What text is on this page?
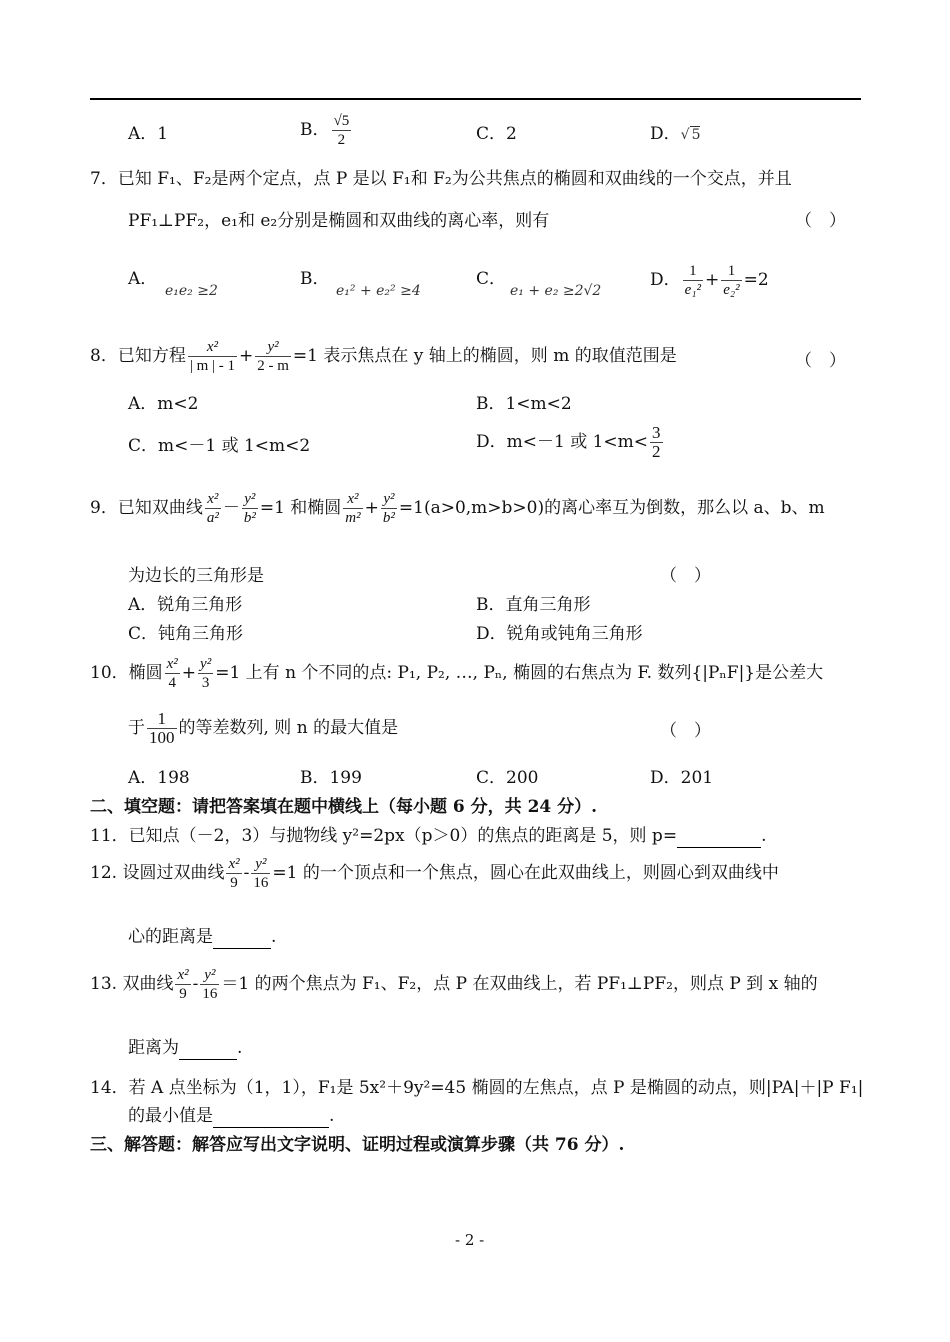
A．1	B． $\frac{√5}{2}$	C．2	D．√ 5
7．已知 F₁、F₂是两个定点，点 P 是以 F₁和 F₂为公共焦点的椭圆和双曲线的一个交点，并且
PF₁⊥PF₂，e₁和 e₂分别是椭圆和双曲线的离心率，则有	（　）
A．
e₁e₂ ≥2
B．
e₁² + e₂² ≥4
C．
e₁ + e₂ ≥2√2
D． $\frac{1}{\text{e₁²}} + \frac{1}{\text{e₂²}} =2$
8．已知方程 $\frac{\text{x²}}{| m | - 1} + \frac{\text{y²}}{2 - m} =1$ 表示焦点在 y 轴上的椭圆，则 m 的取值范围是	（　）
A．m<2	B．1<m<2
C．m<－1 或 1<m<2	D．m<－1 或 $1<m< \frac{3}{2}$
9．已知双曲线 $\frac{\text{x²}}{\text{a²}} - \frac{\text{y²}}{\text{b²}} =1$ 和椭圆 $\frac{\text{x²}}{\text{m²}} + \frac{\text{y²}}{\text{b²}} =1(a>0,m>b>0)$的离心率互为倒数，那么以 a、b、m
为边长的三角形是	（　）
A．锐角三角形	B．直角三角形
C．钝角三角形	D．锐角或钝角三角形
10．椭圆 $\frac{\text{x²}}{4} + \frac{\text{y²}}{3} =1$ 上有 n 个不同的点: P₁, P₂, …, Pₙ, 椭圆的右焦点为 F. 数列{|PₙF|}是公差大
于 $\frac{1}{100}$ 的等差数列, 则 n 的最大值是	（　）
A．198	B．199	C．200	D．201
二、填空题：请把答案填在题中横线上（每小题 6 分，共 24 分）.
11．已知点（－2，3）与抛物线 y²=2px（p＞0）的焦点的距离是 5，则 p=	.
12. 设圆过双曲线 $\frac{\text{x²}}{9} - \frac{\text{y²}}{16} =1$ 的一个顶点和一个焦点，圆心在此双曲线上，则圆心到双曲线中
心的距离是	.
13. 双曲线 $\frac{\text{x²}}{9} - \frac{\text{y²}}{16} =1$ 的两个焦点为 F₁、F₂，点 P 在双曲线上，若 PF₁⊥PF₂，则点 P 到 x 轴的
距离为	.
14．若 A 点坐标为（1，1），F₁是 5x²＋9y²=45 椭圆的左焦点，点 P 是椭圆的动点，则|PA|＋|P F₁|
的最小值是	.
三、解答题：解答应写出文字说明、证明过程或演算步骤（共 76 分）.
- 2 -
